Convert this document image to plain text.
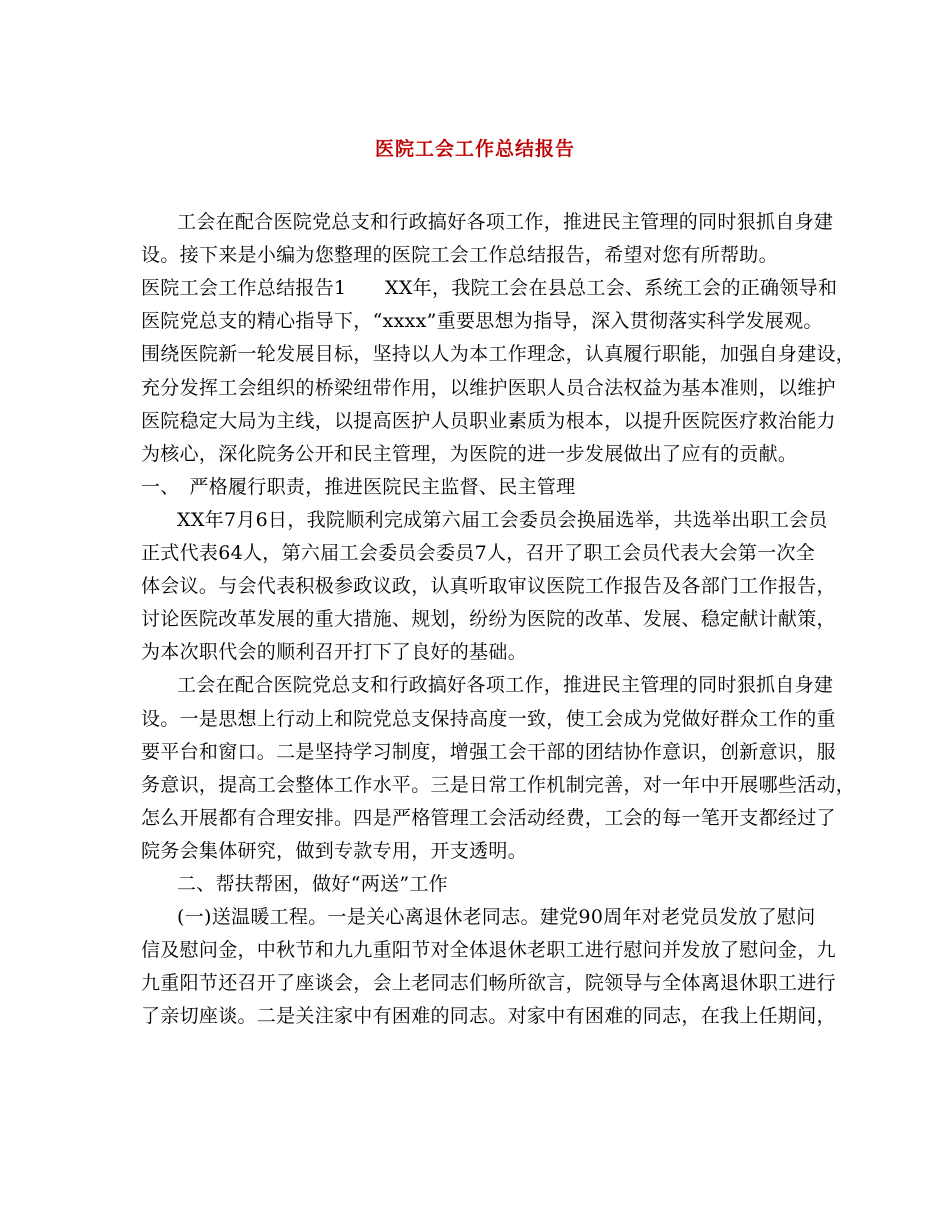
医院工会工作总结报告
工会在配合医院党总支和行政搞好各项工作，推进民主管理的同时狠抓自身建
设。接下来是小编为您整理的医院工会工作总结报告，希望对您有所帮助。
医院工会工作总结报告1　　XX年，我院工会在县总工会、系统工会的正确领导和
医院党总支的精心指导下，“xxxx”重要思想为指导，深入贯彻落实科学发展观。
围绕医院新一轮发展目标，坚持以人为本工作理念，认真履行职能，加强自身建设，
充分发挥工会组织的桥梁纽带作用，以维护医职人员合法权益为基本准则，以维护
医院稳定大局为主线，以提高医护人员职业素质为根本，以提升医院医疗救治能力
为核心，深化院务公开和民主管理，为医院的进一步发展做出了应有的贡献。
一、　严格履行职责，推进医院民主监督、民主管理
XX年7月6日，我院顺利完成第六届工会委员会换届选举，共选举出职工会员
正式代表64人，第六届工会委员会委员7人，召开了职工会员代表大会第一次全
体会议。与会代表积极参政议政，认真听取审议医院工作报告及各部门工作报告，
讨论医院改革发展的重大措施、规划，纷纷为医院的改革、发展、稳定献计献策，
为本次职代会的顺利召开打下了良好的基础。
工会在配合医院党总支和行政搞好各项工作，推进民主管理的同时狠抓自身建
设。一是思想上行动上和院党总支保持高度一致，使工会成为党做好群众工作的重
要平台和窗口。二是坚持学习制度，增强工会干部的团结协作意识，创新意识，服
务意识，提高工会整体工作水平。三是日常工作机制完善，对一年中开展哪些活动，
怎么开展都有合理安排。四是严格管理工会活动经费，工会的每一笔开支都经过了
院务会集体研究，做到专款专用，开支透明。
二、帮扶帮困，做好“两送”工作
(一)送温暖工程。一是关心离退休老同志。建党90周年对老党员发放了慰问
信及慰问金，中秋节和九九重阳节对全体退休老职工进行慰问并发放了慰问金，九
九重阳节还召开了座谈会，会上老同志们畅所欲言，院领导与全体离退休职工进行
了亲切座谈。二是关注家中有困难的同志。对家中有困难的同志，在我上任期间，
